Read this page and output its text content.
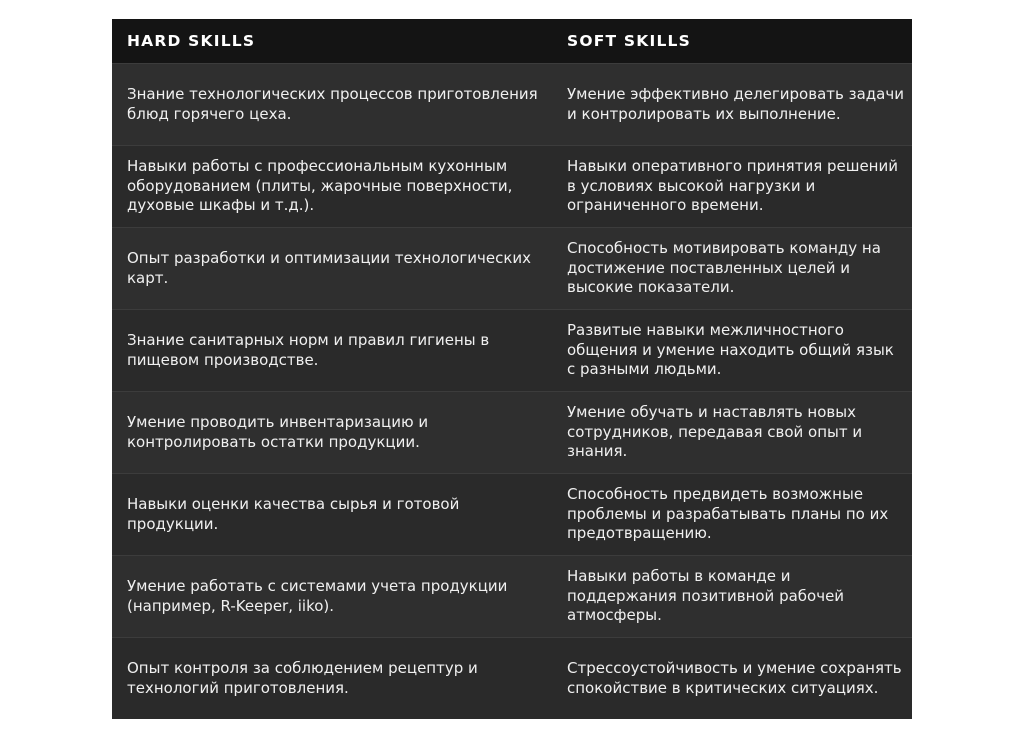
HARD SKILLS	SOFT SKILLS
Знание технологических процессов приготовления блюд горячего цеха.	Умение эффективно делегировать задачи и контролировать их выполнение.
Навыки работы с профессиональным кухонным оборудованием (плиты, жарочные поверхности, духовые шкафы и т.д.).	Навыки оперативного принятия решений в условиях высокой нагрузки и ограниченного времени.
Опыт разработки и оптимизации технологических карт.	Способность мотивировать команду на достижение поставленных целей и высокие показатели.
Знание санитарных норм и правил гигиены в пищевом производстве.	Развитые навыки межличностного общения и умение находить общий язык с разными людьми.
Умение проводить инвентаризацию и контролировать остатки продукции.	Умение обучать и наставлять новых сотрудников, передавая свой опыт и знания.
Навыки оценки качества сырья и готовой продукции.	Способность предвидеть возможные проблемы и разрабатывать планы по их предотвращению.
Умение работать с системами учета продукции (например, R-Keeper, iiko).	Навыки работы в команде и поддержания позитивной рабочей атмосферы.
Опыт контроля за соблюдением рецептур и технологий приготовления.	Стрессоустойчивость и умение сохранять спокойствие в критических ситуациях.
